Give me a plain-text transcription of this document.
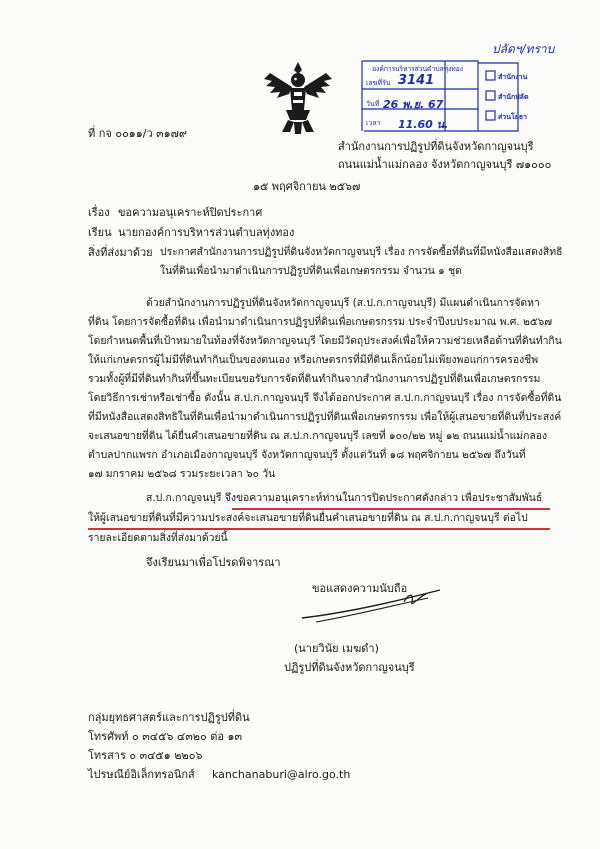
องค์การบริหารส่วนตำบลทุ่งทอง
ปลัดฯ/ทราบ
เลขที่รับ 3141
วันที่ 26 พ.ย. 67
เวลา 11.60 น.
สำนักงาน
สำนักปลัด
ส่วนโยธา
ที่ กจ ๐๐๑๑/ว ๓๑๗๙
สำนักงานการปฏิรูปที่ดินจังหวัดกาญจนบุรี
ถนนแม่น้ำแม่กลอง จังหวัดกาญจนบุรี ๗๑๐๐๐
๑๕ พฤศจิกายน ๒๕๖๗
เรื่อง ขอความอนุเคราะห์ปิดประกาศ
เรียน นายกองค์การบริหารส่วนตำบลทุ่งทอง
สิ่งที่ส่งมาด้วย ประกาศสำนักงานการปฏิรูปที่ดินจังหวัดกาญจนบุรี เรื่อง การจัดซื้อที่ดินที่มีหนังสือแสดงสิทธิ
ในที่ดินเพื่อนำมาดำเนินการปฏิรูปที่ดินเพื่อเกษตรกรรม จำนวน ๑ ชุด
ด้วยสำนักงานการปฏิรูปที่ดินจังหวัดกาญจนบุรี (ส.ป.ก.กาญจนบุรี) มีแผนดำเนินการจัดหา
ที่ดิน โดยการจัดซื้อที่ดิน เพื่อนำมาดำเนินการปฏิรูปที่ดินเพื่อเกษตรกรรม ประจำปีงบประมาณ พ.ศ. ๒๕๖๗
โดยกำหนดพื้นที่เป้าหมายในท้องที่จังหวัดกาญจนบุรี โดยมีวัตถุประสงค์เพื่อให้ความช่วยเหลือด้านที่ดินทำกิน
ให้แก่เกษตรกรผู้ไม่มีที่ดินทำกินเป็นของตนเอง หรือเกษตรกรที่มีที่ดินเล็กน้อยไม่เพียงพอแก่การครองชีพ
รวมทั้งผู้ที่มีที่ดินทำกินที่ขึ้นทะเบียนขอรับการจัดที่ดินทำกินจากสำนักงานการปฏิรูปที่ดินเพื่อเกษตรกรรม
โดยวิธีการเช่าหรือเช่าซื้อ ดังนั้น ส.ป.ก.กาญจนบุรี จึงได้ออกประกาศ ส.ป.ก.กาญจนบุรี เรื่อง การจัดซื้อที่ดิน
ที่มีหนังสือแสดงสิทธิในที่ดินเพื่อนำมาดำเนินการปฏิรูปที่ดินเพื่อเกษตรกรรม เพื่อให้ผู้เสนอขายที่ดินที่ประสงค์
จะเสนอขายที่ดิน ได้ยื่นคำเสนอขายที่ดิน ณ ส.ป.ก.กาญจนบุรี เลขที่ ๑๐๐/๒๒ หมู่ ๑๒ ถนนแม่น้ำแม่กลอง
ตำบลปากแพรก อำเภอเมืองกาญจนบุรี จังหวัดกาญจนบุรี ตั้งแต่วันที่ ๑๘ พฤศจิกายน ๒๕๖๗ ถึงวันที่
๑๗ มกราคม ๒๕๖๘ รวมระยะเวลา ๖๐ วัน
ส.ป.ก.กาญจนบุรี จึงขอความอนุเคราะห์ท่านในการปิดประกาศดังกล่าว เพื่อประชาสัมพันธ์
ให้ผู้เสนอขายที่ดินที่มีความประสงค์จะเสนอขายที่ดินยื่นคำเสนอขายที่ดิน ณ ส.ป.ก.กาญจนบุรี ต่อไป
รายละเอียดตามสิ่งที่ส่งมาด้วยนี้
จึงเรียนมาเพื่อโปรดพิจารณา
ขอแสดงความนับถือ
(นายวินัย เมฆดำ)
ปฏิรูปที่ดินจังหวัดกาญจนบุรี
กลุ่มยุทธศาสตร์และการปฏิรูปที่ดิน
โทรศัพท์ ๐ ๓๔๕๖ ๔๓๒๐ ต่อ ๑๓
โทรสาร ๐ ๓๔๕๑ ๒๒๐๖
ไปรษณีย์อิเล็กทรอนิกส์ kanchanaburi@alro.go.th
